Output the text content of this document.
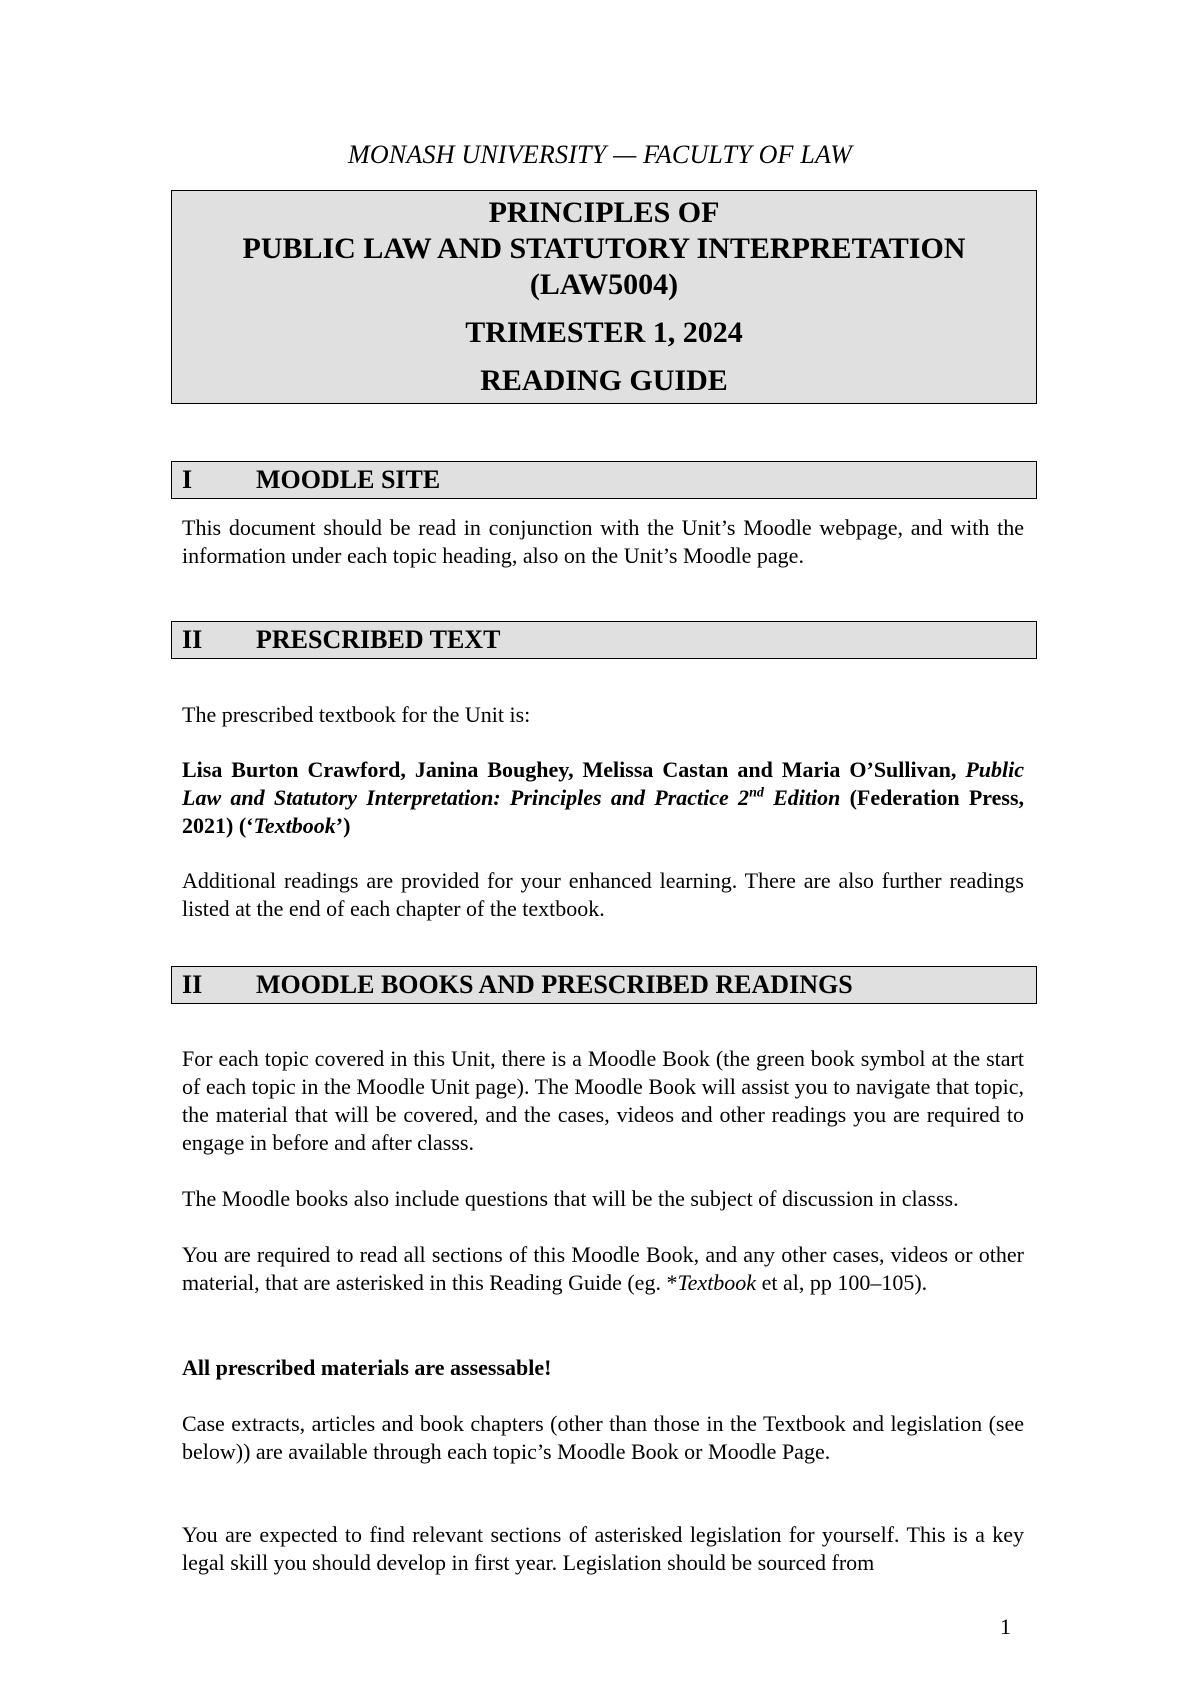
MONASH UNIVERSITY — FACULTY OF LAW
PRINCIPLES OF
PUBLIC LAW AND STATUTORY INTERPRETATION
(LAW5004)
TRIMESTER 1, 2024
READING GUIDE
I MOODLE SITE
This document should be read in conjunction with the Unit’s Moodle webpage, and with the information under each topic heading, also on the Unit’s Moodle page.
II PRESCRIBED TEXT
The prescribed textbook for the Unit is:
Lisa Burton Crawford, Janina Boughey, Melissa Castan and Maria O’Sullivan, Public Law and Statutory Interpretation: Principles and Practice 2nd Edition (Federation Press, 2021) (‘Textbook’)
Additional readings are provided for your enhanced learning. There are also further readings listed at the end of each chapter of the textbook.
II MOODLE BOOKS AND PRESCRIBED READINGS
For each topic covered in this Unit, there is a Moodle Book (the green book symbol at the start of each topic in the Moodle Unit page). The Moodle Book will assist you to navigate that topic, the material that will be covered, and the cases, videos and other readings you are required to engage in before and after classs.
The Moodle books also include questions that will be the subject of discussion in classs.
You are required to read all sections of this Moodle Book, and any other cases, videos or other material, that are asterisked in this Reading Guide (eg. *Textbook et al, pp 100–105).
All prescribed materials are assessable!
Case extracts, articles and book chapters (other than those in the Textbook and legislation (see below)) are available through each topic’s Moodle Book or Moodle Page.
You are expected to find relevant sections of asterisked legislation for yourself. This is a key legal skill you should develop in first year. Legislation should be sourced from
1
